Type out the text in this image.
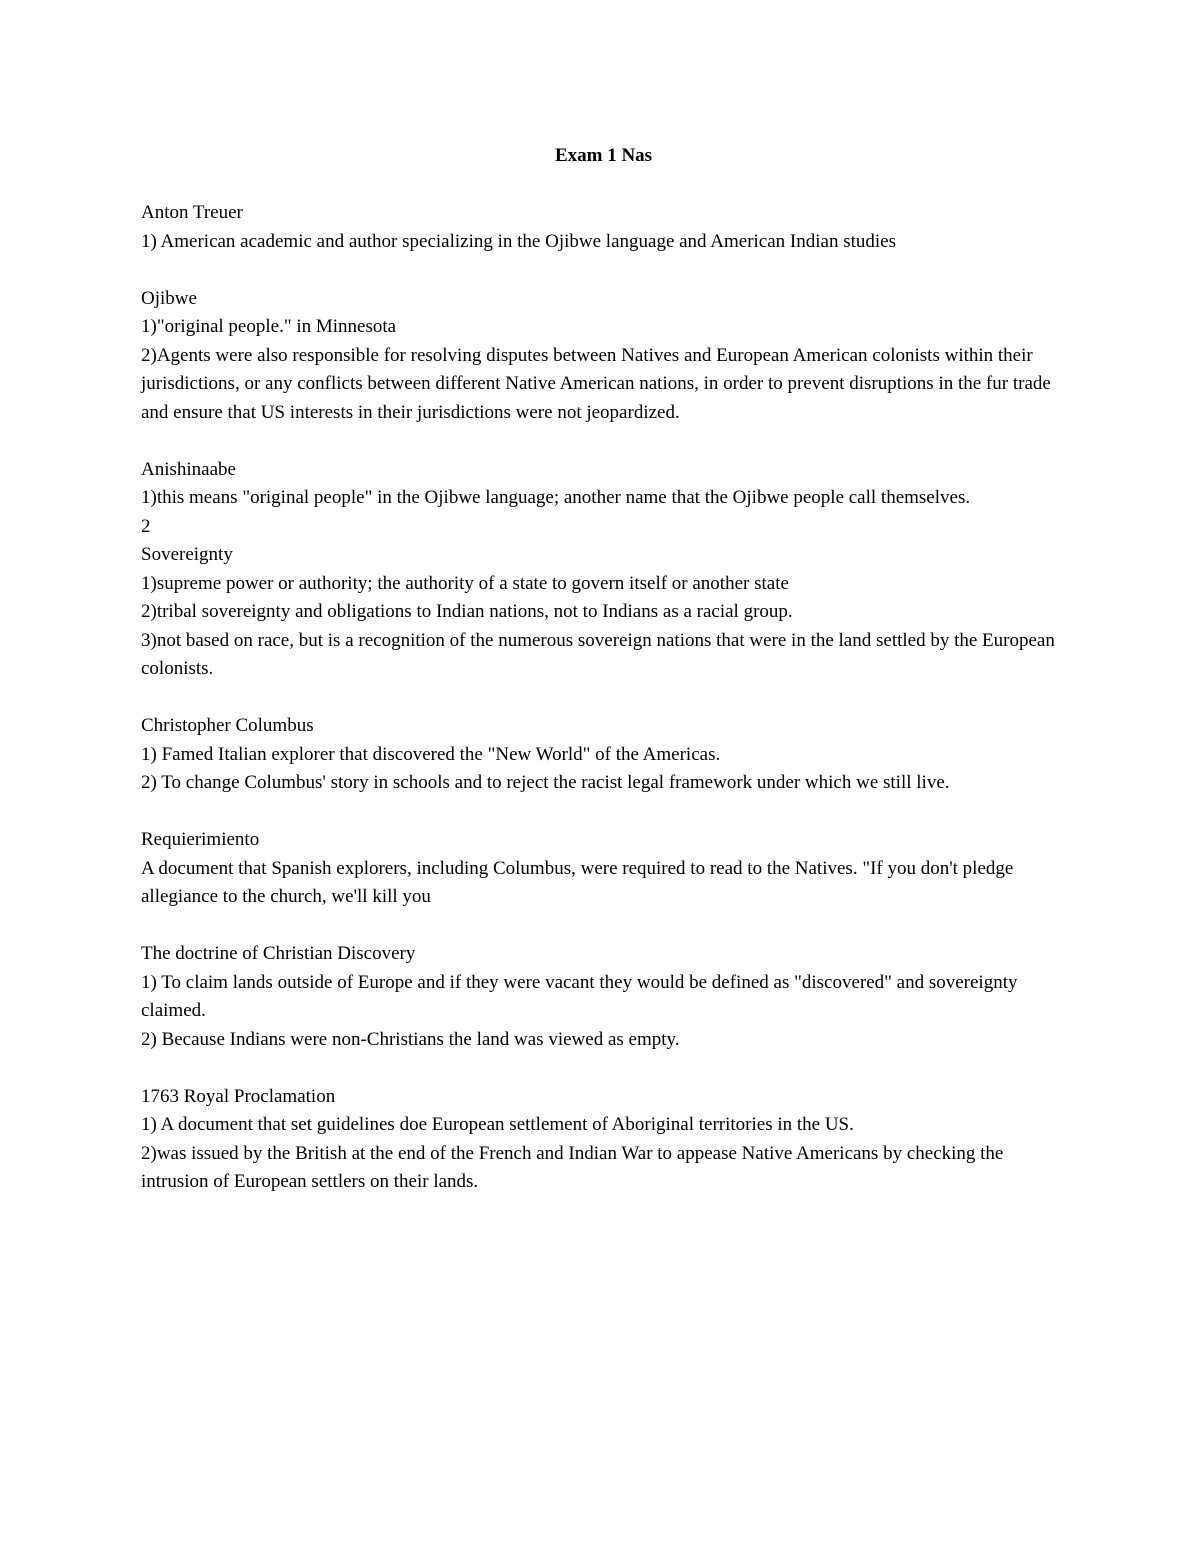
Exam 1 Nas

Anton Treuer

1) American academic and author specializing in the Ojibwe language and American Indian studies

Ojibwe

1)"original people." in Minnesota

2)Agents were also responsible for resolving disputes between Natives and European American colonists within their jurisdictions, or any conflicts between different Native American nations, in order to prevent disruptions in the fur trade and ensure that US interests in their jurisdictions were not jeopardized.

Anishinaabe

1)this means "original people" in the Ojibwe language; another name that the Ojibwe people call themselves.

2

Sovereignty

1)supreme power or authority; the authority of a state to govern itself or another state

2)tribal sovereignty and obligations to Indian nations, not to Indians as a racial group.

3)not based on race, but is a recognition of the numerous sovereign nations that were in the land settled by the European colonists.

Christopher Columbus

1) Famed Italian explorer that discovered the "New World" of the Americas.

2) To change Columbus' story in schools and to reject the racist legal framework under which we still live.

Requierimiento

A document that Spanish explorers, including Columbus, were required to read to the Natives. "If you don't pledge allegiance to the church, we'll kill you

The doctrine of Christian Discovery

1) To claim lands outside of Europe and if they were vacant they would be defined as "discovered" and sovereignty claimed.

2) Because Indians were non-Christians the land was viewed as empty.

1763 Royal Proclamation

1) A document that set guidelines doe European settlement of Aboriginal territories in the US.

2)was issued by the British at the end of the French and Indian War to appease Native Americans by checking the intrusion of European settlers on their lands.
